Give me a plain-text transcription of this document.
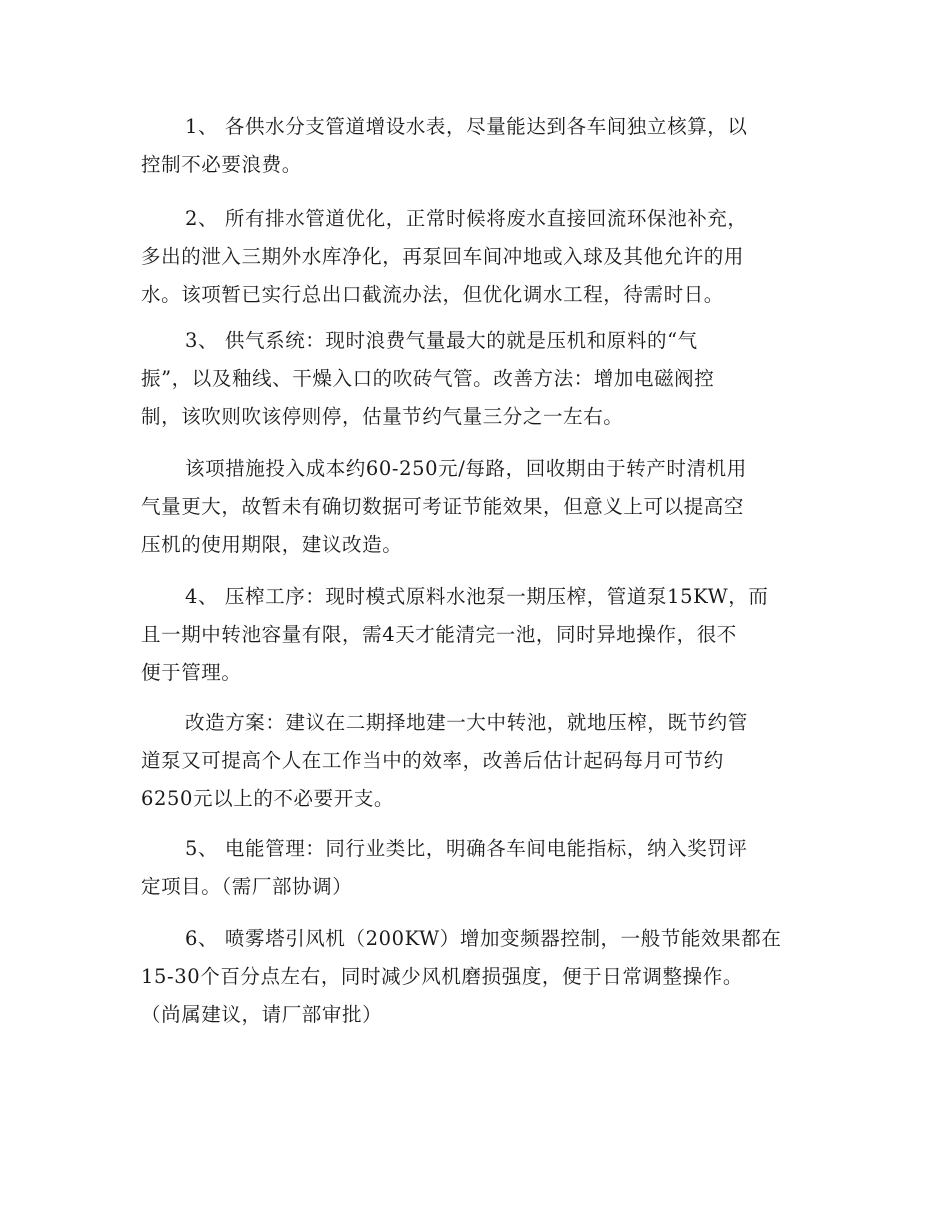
1、 各供水分支管道增设水表，尽量能达到各车间独立核算，以
控制不必要浪费。
2、 所有排水管道优化，正常时候将废水直接回流环保池补充，
多出的泄入三期外水库净化，再泵回车间冲地或入球及其他允许的用
水。该项暂已实行总出口截流办法，但优化调水工程，待需时日。
3、 供气系统：现时浪费气量最大的就是压机和原料的“气
振”，以及釉线、干燥入口的吹砖气管。改善方法：增加电磁阀控
制，该吹则吹该停则停，估量节约气量三分之一左右。
该项措施投入成本约60-250元/每路，回收期由于转产时清机用
气量更大，故暂未有确切数据可考证节能效果，但意义上可以提高空
压机的使用期限，建议改造。
4、 压榨工序：现时模式原料水池泵一期压榨，管道泵15KW，而
且一期中转池容量有限，需4天才能清完一池，同时异地操作，很不
便于管理。
改造方案：建议在二期择地建一大中转池，就地压榨，既节约管
道泵又可提高个人在工作当中的效率，改善后估计起码每月可节约
6250元以上的不必要开支。
5、 电能管理：同行业类比，明确各车间电能指标，纳入奖罚评
定项目。（需厂部协调）
6、 喷雾塔引风机（200KW）增加变频器控制，一般节能效果都在
15-30个百分点左右，同时减少风机磨损强度，便于日常调整操作。
（尚属建议，请厂部审批）
